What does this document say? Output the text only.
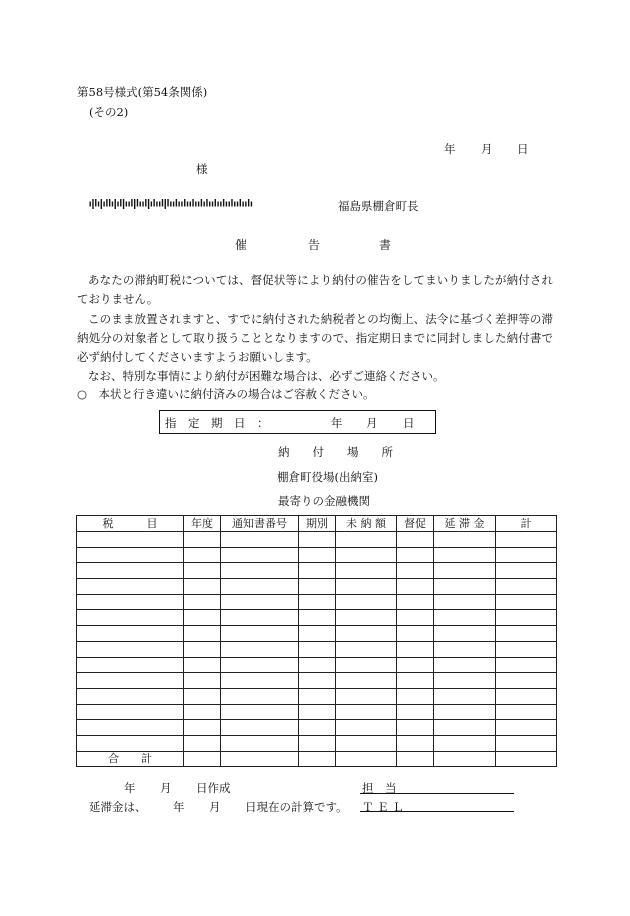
第58号様式(第54条関係)
(その2)
年 月 日
様
福島県棚倉町長
催	告	書
あなたの滞納町税については、督促状等により納付の催告をしてまいりましたが納付されておりません。
このまま放置されますと、すでに納付された納税者との均衡上、法令に基づく差押等の滞納処分の対象者として取り扱うこととなりますので、指定期日までに同封しました納付書で必ず納付してくださいますようお願いします。
なお、特別な事情により納付が困難な場合は、必ずご連絡ください。
○　本状と行き違いに納付済みの場合はご容赦ください。
指　定　期　日　：	年 月 日
納　　付　　場　　所
棚倉町役場(出納室)
最寄りの金融機関
税　　　目	年度	通知書番号	期別	未 納 額	督促	延 滞 金	計

合　　計							
年 月 日作成	担　当
延滞金は、 年 月 日現在の計算です。 Ｔ Ｅ Ｌ
